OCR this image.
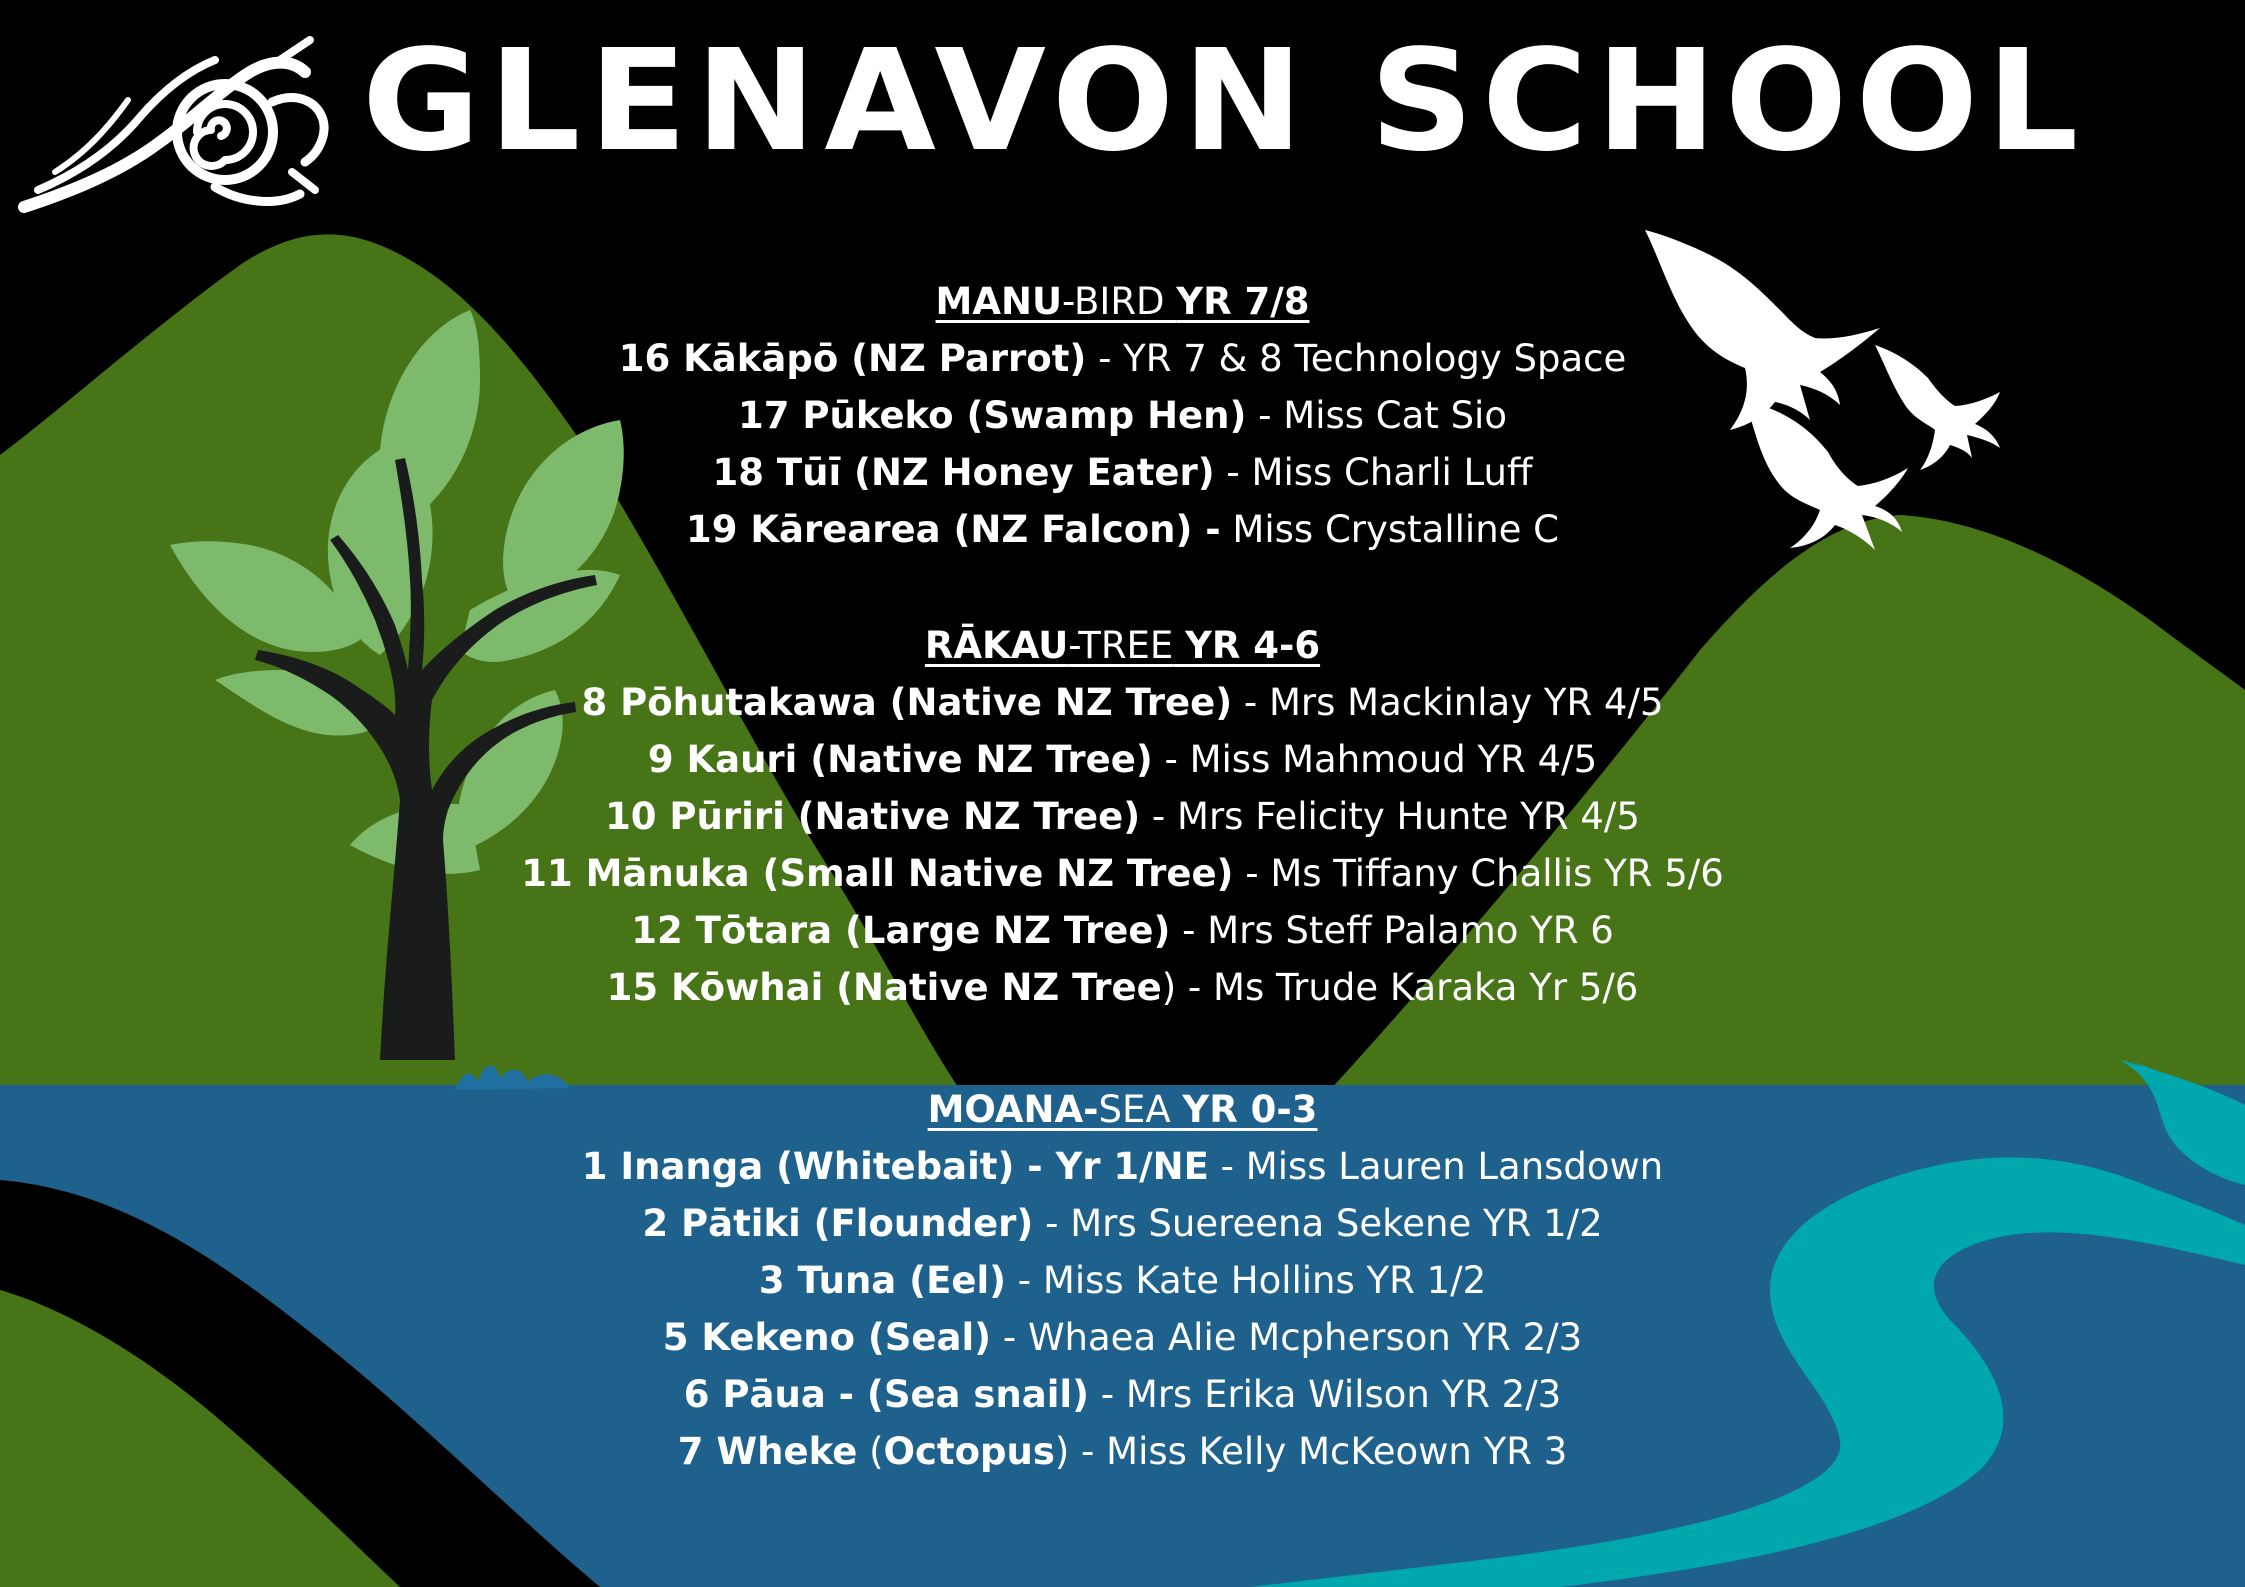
GLENAVON SCHOOL
MANU-BIRD YR 7/8
16 Kākāpō (NZ Parrot) - YR 7 & 8 Technology Space
17 Pūkeko (Swamp Hen) - Miss Cat Sio
18 Tūī (NZ Honey Eater) - Miss Charli Luff
19 Kārearea (NZ Falcon) - Miss Crystalline C
RĀKAU-TREE YR 4-6
8 Pōhutakawa (Native NZ Tree) - Mrs Mackinlay YR 4/5
9 Kauri (Native NZ Tree) - Miss Mahmoud YR 4/5
10 Pūriri (Native NZ Tree) - Mrs Felicity Hunte YR 4/5
11 Mānuka (Small Native NZ Tree) - Ms Tiffany Challis YR 5/6
12 Tōtara (Large NZ Tree) - Mrs Steff Palamo YR 6
15 Kōwhai (Native NZ Tree) - Ms Trude Karaka Yr 5/6
MOANA-SEA YR 0-3
1 Inanga (Whitebait) - Yr 1/NE - Miss Lauren Lansdown
2 Pātiki (Flounder) - Mrs Suereena Sekene YR 1/2
3 Tuna (Eel) - Miss Kate Hollins YR 1/2
5 Kekeno (Seal) - Whaea Alie Mcpherson YR 2/3
6 Pāua - (Sea snail) - Mrs Erika Wilson YR 2/3
7 Wheke (Octopus) - Miss Kelly McKeown YR 3
